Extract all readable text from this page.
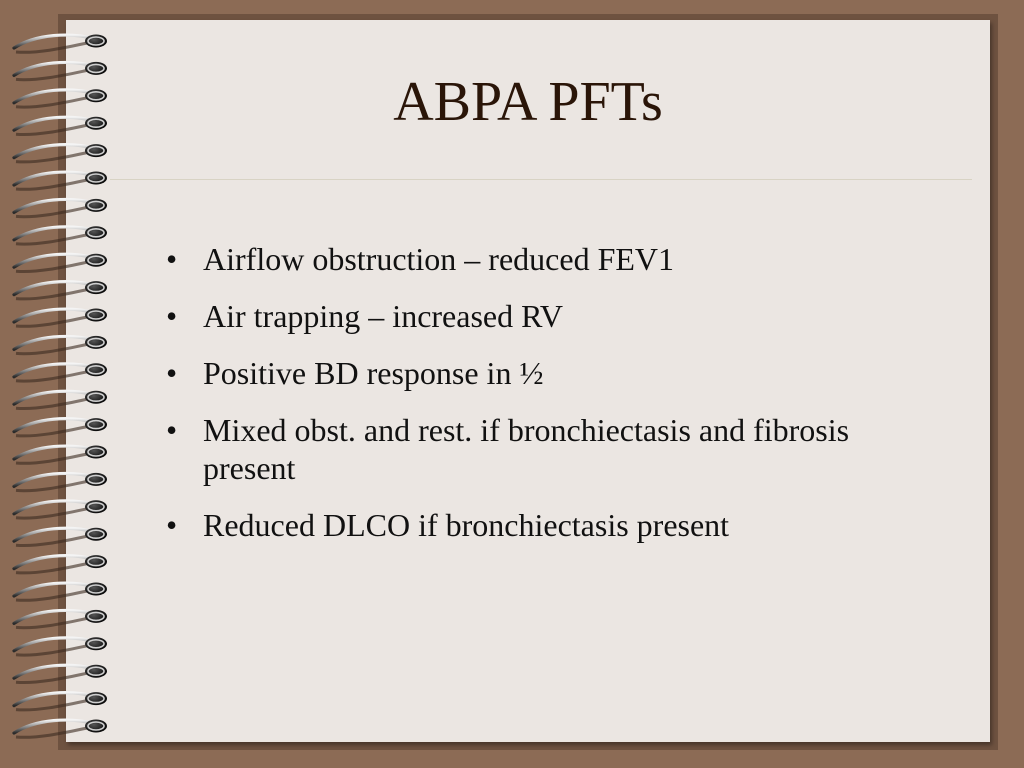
ABPA PFTs
• Airflow obstruction – reduced FEV1
• Air trapping – increased RV
• Positive BD response in ½
• Mixed obst. and rest. if bronchiectasis and fibrosis present
• Reduced DLCO if bronchiectasis present
